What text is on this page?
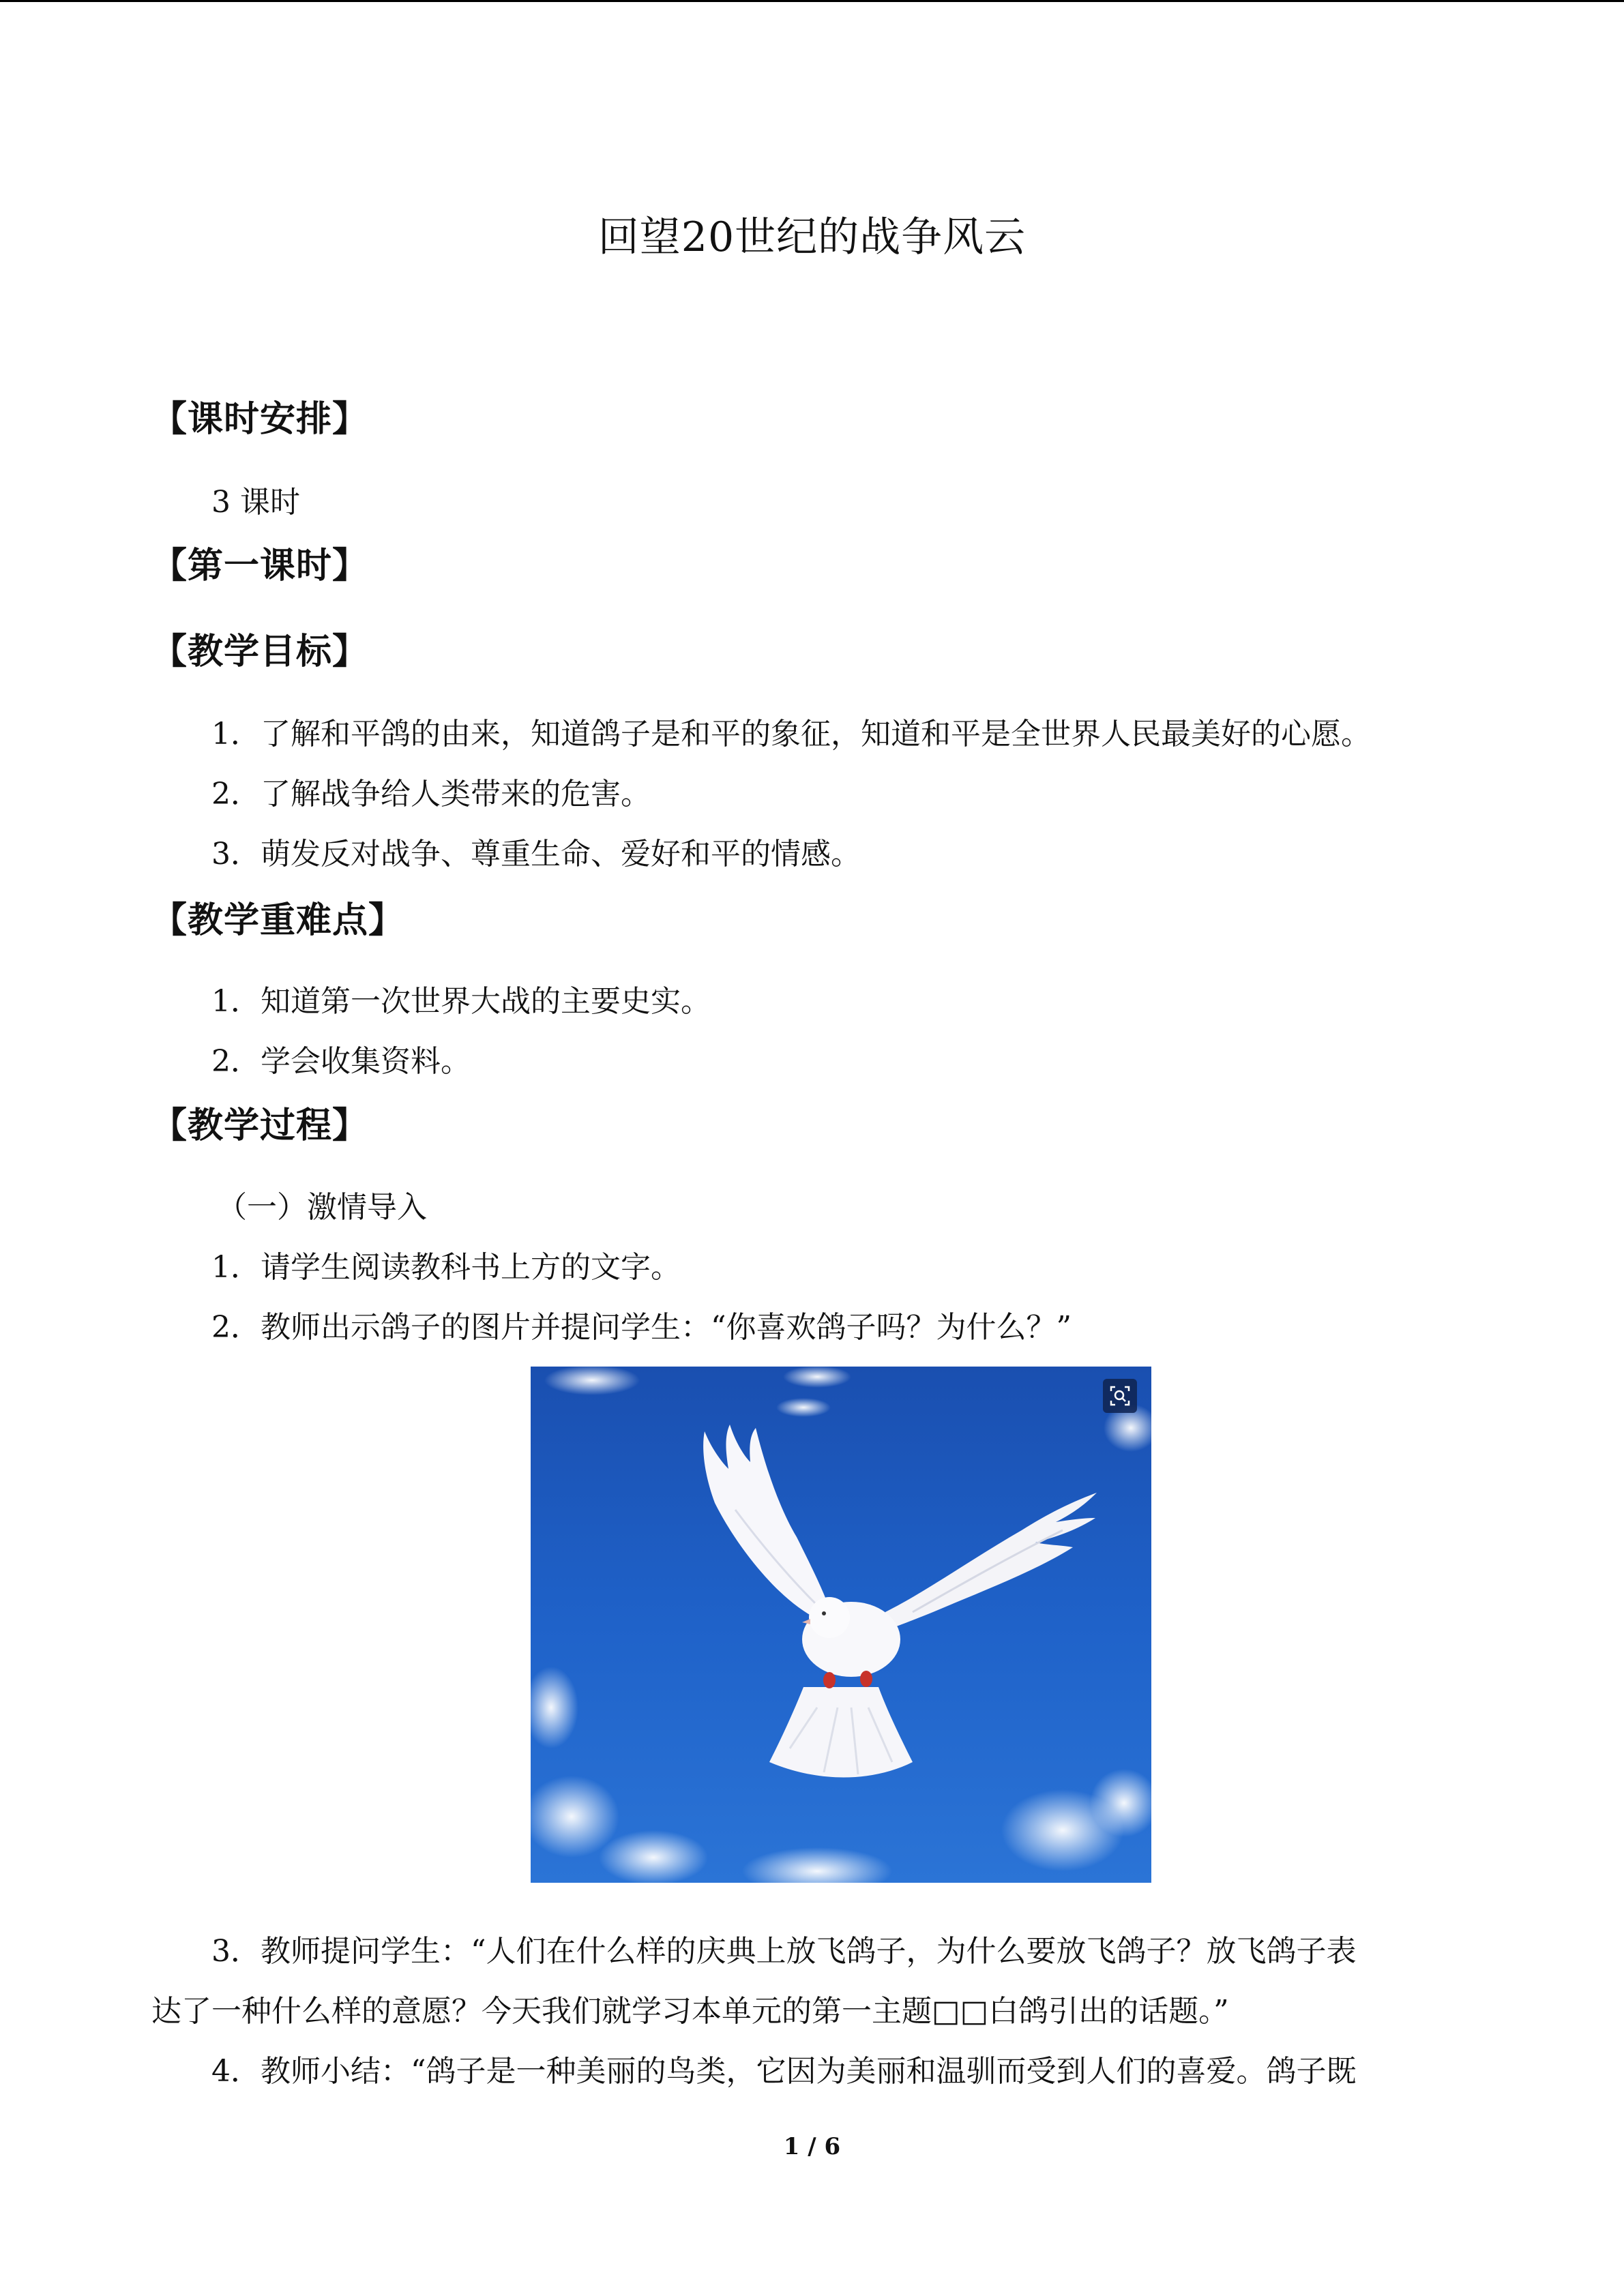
回望20世纪的战争风云
【课时安排】
3 课时
【第一课时】
【教学目标】
1．了解和平鸽的由来，知道鸽子是和平的象征，知道和平是全世界人民最美好的心愿。
2．了解战争给人类带来的危害。
3．萌发反对战争、尊重生命、爱好和平的情感。
【教学重难点】
1．知道第一次世界大战的主要史实。
2．学会收集资料。
【教学过程】
（一）激情导入
1．请学生阅读教科书上方的文字。
2．教师出示鸽子的图片并提问学生：“你喜欢鸽子吗？为什么？”
3．教师提问学生：“人们在什么样的庆典上放飞鸽子，为什么要放飞鸽子？放飞鸽子表
达了一种什么样的意愿？今天我们就学习本单元的第一主题□□白鸽引出的话题。”
4．教师小结：“鸽子是一种美丽的鸟类，它因为美丽和温驯而受到人们的喜爱。鸽子既
1 / 6
